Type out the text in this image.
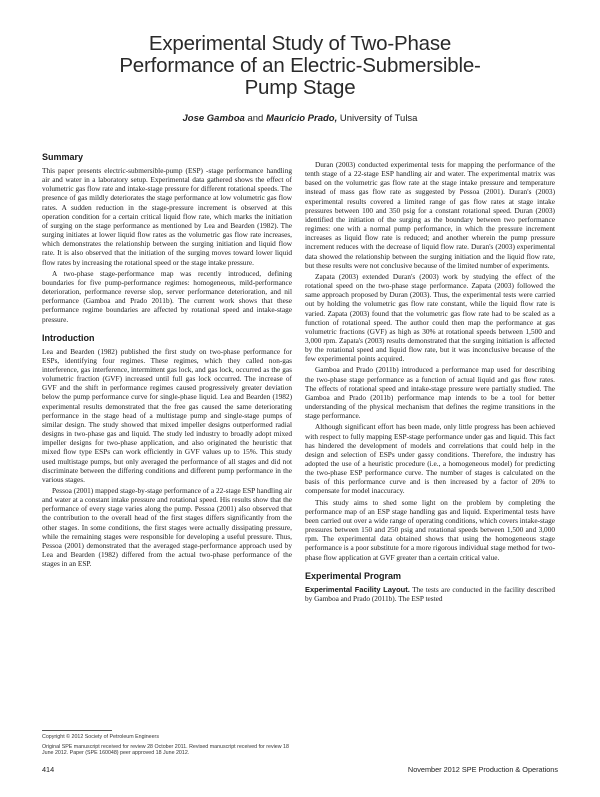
Experimental Study of Two-Phase
Performance of an Electric-Submersible-
Pump Stage
Jose Gamboa and Mauricio Prado, University of Tulsa
Summary

This paper presents electric-submersible-pump (ESP) -stage performance handling air and water in a laboratory setup. Experimental data gathered shows the effect of volumetric gas flow rate and intake-stage pressure for different rotational speeds. The presence of gas mildly deteriorates the stage performance at low volumetric gas flow rates. A sudden reduction in the stage-pressure increment is observed at this operation condition for a certain critical liquid flow rate, which marks the initiation of surging on the stage performance as mentioned by Lea and Bearden (1982). The surging initiates at lower liquid flow rates as the volumetric gas flow rate increases, which demonstrates the relationship between the surging initiation and liquid flow rate. It is also observed that the initiation of the surging moves toward lower liquid flow rates by increasing the rotational speed or the stage intake pressure.

A two-phase stage-performance map was recently introduced, defining boundaries for five pump-performance regimes: homogeneous, mild-performance deterioration, performance reverse slop, server performance deterioration, and nil performance (Gamboa and Prado 2011b). The current work shows that these performance regime boundaries are affected by rotational speed and intake-stage pressure.

Introduction

Lea and Bearden (1982) published the first study on two-phase performance for ESPs, identifying four regimes. These regimes, which they called non-gas interference, gas interference, intermittent gas lock, and gas lock, occurred as the gas volumetric fraction (GVF) increased until full gas lock occurred. The increase of GVF and the shift in performance regimes caused progressively greater deviation below the pump performance curve for single-phase liquid. Lea and Bearden (1982) experimental results demonstrated that the free gas caused the same deteriorating performance in the stage head of a multistage pump and single-stage pumps of similar design. The study showed that mixed impeller designs outperformed radial designs in two-phase gas and liquid. The study led industry to broadly adopt mixed impeller designs for two-phase application, and also originated the heuristic that mixed flow type ESPs can work efficiently in GVF values up to 15%. This study used multistage pumps, but only averaged the performance of all stages and did not discriminate between the differing conditions and different pump performance in the various stages.

Pessoa (2001) mapped stage-by-stage performance of a 22-stage ESP handling air and water at a constant intake pressure and rotational speed. His results show that the performance of every stage varies along the pump. Pessoa (2001) also observed that the contribution to the overall head of the first stages differs significantly from the other stages. In some conditions, the first stages were actually dissipating pressure, while the remaining stages were responsible for developing a useful pressure. Thus, Pessoa (2001) demonstrated that the averaged stage-performance approach used by Lea and Bearden (1982) differed from the actual two-phase performance of the stages in an ESP.

Duran (2003) conducted experimental tests for mapping the performance of the tenth stage of a 22-stage ESP handling air and water. The experimental matrix was based on the volumetric gas flow rate at the stage intake pressure and temperature instead of mass gas flow rate as suggested by Pessoa (2001). Duran's (2003) experimental results covered a limited range of gas flow rates at stage intake pressures between 100 and 350 psig for a constant rotational speed. Duran (2003) identified the initiation of the surging as the boundary between two performance regimes: one with a normal pump performance, in which the pressure increment increases as liquid flow rate is reduced; and another wherein the pump pressure increment reduces with the decrease of liquid flow rate. Duran's (2003) experimental data showed the relationship between the surging initiation and the liquid flow rate, but these results were not conclusive because of the limited number of experiments.

Zapata (2003) extended Duran's (2003) work by studying the effect of the rotational speed on the two-phase stage performance. Zapata (2003) followed the same approach proposed by Duran (2003). Thus, the experimental tests were carried out by holding the volumetric gas flow rate constant, while the liquid flow rate is varied. Zapata (2003) found that the volumetric gas flow rate had to be scaled as a function of rotational speed. The author could then map the performance at gas volumetric fractions (GVF) as high as 30% at rotational speeds between 1,500 and 3,000 rpm. Zapata's (2003) results demonstrated that the surging initiation is affected by the rotational speed and liquid flow rate, but it was inconclusive because of the few experimental points acquired.

Gamboa and Prado (2011b) introduced a performance map used for describing the two-phase stage performance as a function of actual liquid and gas flow rates. The effects of rotational speed and intake-stage pressure were partially studied. The Gamboa and Prado (2011b) performance map intends to be a tool for better understanding of the physical mechanism that defines the regime transitions in the stage performance.

Although significant effort has been made, only little progress has been achieved with respect to fully mapping ESP-stage performance under gas and liquid. This fact has hindered the development of models and correlations that could help in the design and selection of ESPs under gassy conditions. Therefore, the industry has adopted the use of a heuristic procedure (i.e., a homogeneous model) for predicting the two-phase ESP performance curve. The number of stages is calculated on the basis of this performance curve and is then increased by a factor of 20% to compensate for model inaccuracy.

This study aims to shed some light on the problem by completing the performance map of an ESP stage handling gas and liquid. Experimental tests have been carried out over a wide range of operating conditions, which covers intake-stage pressures between 150 and 250 psig and rotational speeds between 1,500 and 3,000 rpm. The experimental data obtained shows that using the homogeneous stage performance is a poor substitute for a more rigorous individual stage method for two-phase flow application at GVF greater than a certain critical value.

Experimental Program

Experimental Facility Layout. The tests are conducted in the facility described by Gamboa and Prado (2011b). The ESP tested

Copyright © 2012 Society of Petroleum Engineers

Original SPE manuscript received for review 28 October 2011. Revised manuscript received for review 18 June 2012. Paper (SPE 160048) peer approved 18 June 2012.

414	November 2012 SPE Production & Operations
